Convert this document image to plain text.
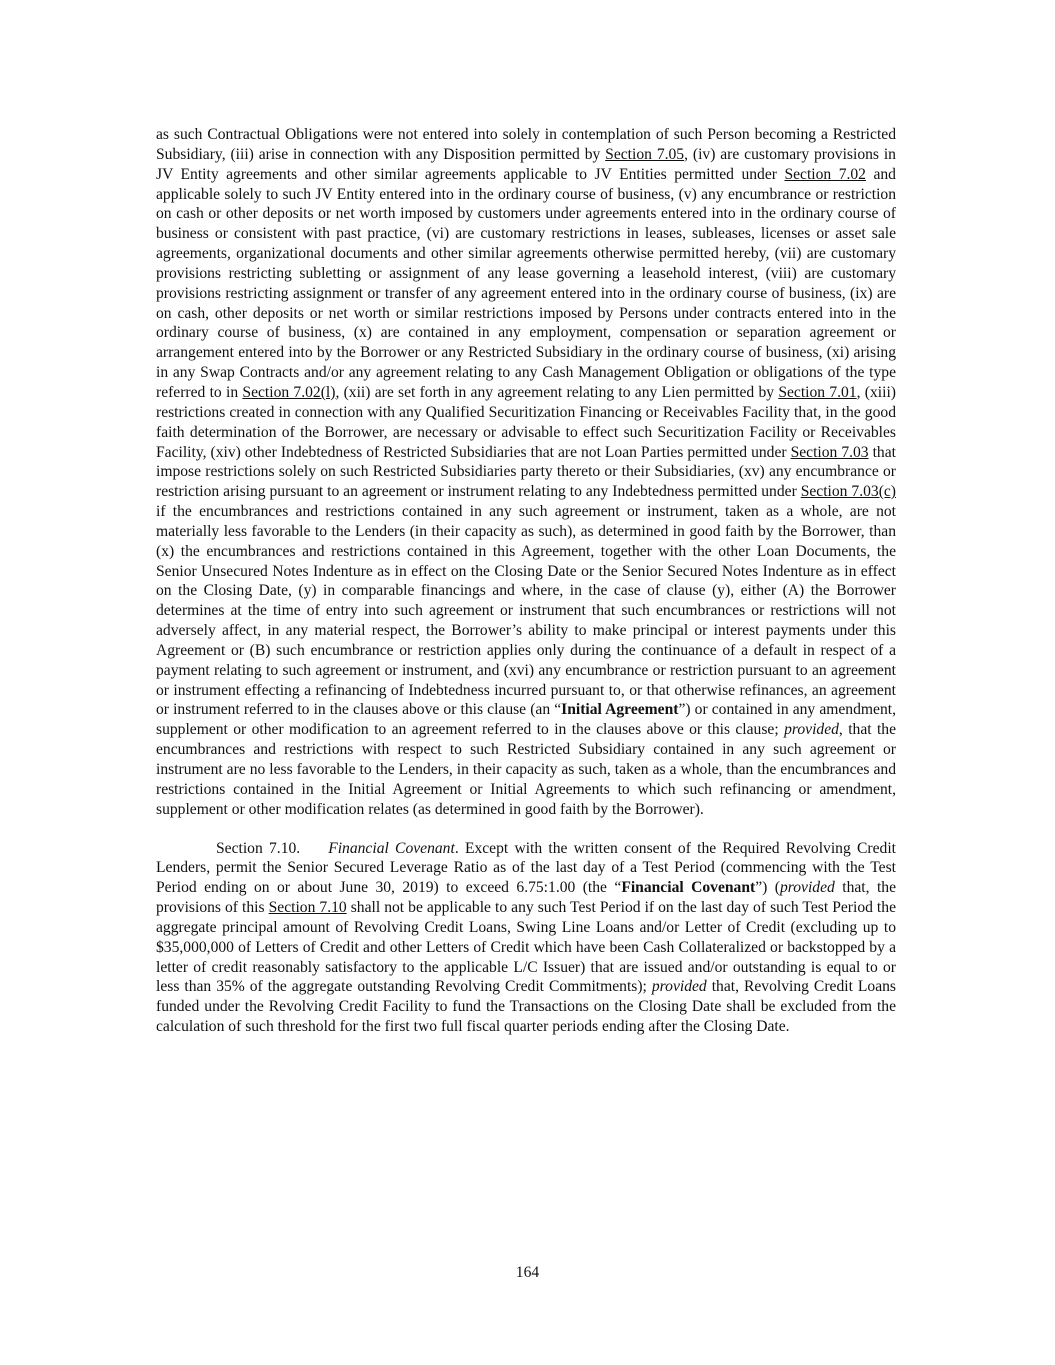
as such Contractual Obligations were not entered into solely in contemplation of such Person becoming a Restricted Subsidiary, (iii) arise in connection with any Disposition permitted by Section 7.05, (iv) are customary provisions in JV Entity agreements and other similar agreements applicable to JV Entities permitted under Section 7.02 and applicable solely to such JV Entity entered into in the ordinary course of business, (v) any encumbrance or restriction on cash or other deposits or net worth imposed by customers under agreements entered into in the ordinary course of business or consistent with past practice, (vi) are customary restrictions in leases, subleases, licenses or asset sale agreements, organizational documents and other similar agreements otherwise permitted hereby, (vii) are customary provisions restricting subletting or assignment of any lease governing a leasehold interest, (viii) are customary provisions restricting assignment or transfer of any agreement entered into in the ordinary course of business, (ix) are on cash, other deposits or net worth or similar restrictions imposed by Persons under contracts entered into in the ordinary course of business, (x) are contained in any employment, compensation or separation agreement or arrangement entered into by the Borrower or any Restricted Subsidiary in the ordinary course of business, (xi) arising in any Swap Contracts and/or any agreement relating to any Cash Management Obligation or obligations of the type referred to in Section 7.02(l), (xii) are set forth in any agreement relating to any Lien permitted by Section 7.01, (xiii) restrictions created in connection with any Qualified Securitization Financing or Receivables Facility that, in the good faith determination of the Borrower, are necessary or advisable to effect such Securitization Facility or Receivables Facility, (xiv) other Indebtedness of Restricted Subsidiaries that are not Loan Parties permitted under Section 7.03 that impose restrictions solely on such Restricted Subsidiaries party thereto or their Subsidiaries, (xv) any encumbrance or restriction arising pursuant to an agreement or instrument relating to any Indebtedness permitted under Section 7.03(c) if the encumbrances and restrictions contained in any such agreement or instrument, taken as a whole, are not materially less favorable to the Lenders (in their capacity as such), as determined in good faith by the Borrower, than (x) the encumbrances and restrictions contained in this Agreement, together with the other Loan Documents, the Senior Unsecured Notes Indenture as in effect on the Closing Date or the Senior Secured Notes Indenture as in effect on the Closing Date, (y) in comparable financings and where, in the case of clause (y), either (A) the Borrower determines at the time of entry into such agreement or instrument that such encumbrances or restrictions will not adversely affect, in any material respect, the Borrower’s ability to make principal or interest payments under this Agreement or (B) such encumbrance or restriction applies only during the continuance of a default in respect of a payment relating to such agreement or instrument, and (xvi) any encumbrance or restriction pursuant to an agreement or instrument effecting a refinancing of Indebtedness incurred pursuant to, or that otherwise refinances, an agreement or instrument referred to in the clauses above or this clause (an “Initial Agreement”) or contained in any amendment, supplement or other modification to an agreement referred to in the clauses above or this clause; provided, that the encumbrances and restrictions with respect to such Restricted Subsidiary contained in any such agreement or instrument are no less favorable to the Lenders, in their capacity as such, taken as a whole, than the encumbrances and restrictions contained in the Initial Agreement or Initial Agreements to which such refinancing or amendment, supplement or other modification relates (as determined in good faith by the Borrower).

Section 7.10. Financial Covenant. Except with the written consent of the Required Revolving Credit Lenders, permit the Senior Secured Leverage Ratio as of the last day of a Test Period (commencing with the Test Period ending on or about June 30, 2019) to exceed 6.75:1.00 (the “Financial Covenant”) (provided that, the provisions of this Section 7.10 shall not be applicable to any such Test Period if on the last day of such Test Period the aggregate principal amount of Revolving Credit Loans, Swing Line Loans and/or Letter of Credit (excluding up to $35,000,000 of Letters of Credit and other Letters of Credit which have been Cash Collateralized or backstopped by a letter of credit reasonably satisfactory to the applicable L/C Issuer) that are issued and/or outstanding is equal to or less than 35% of the aggregate outstanding Revolving Credit Commitments); provided that, Revolving Credit Loans funded under the Revolving Credit Facility to fund the Transactions on the Closing Date shall be excluded from the calculation of such threshold for the first two full fiscal quarter periods ending after the Closing Date.

164
